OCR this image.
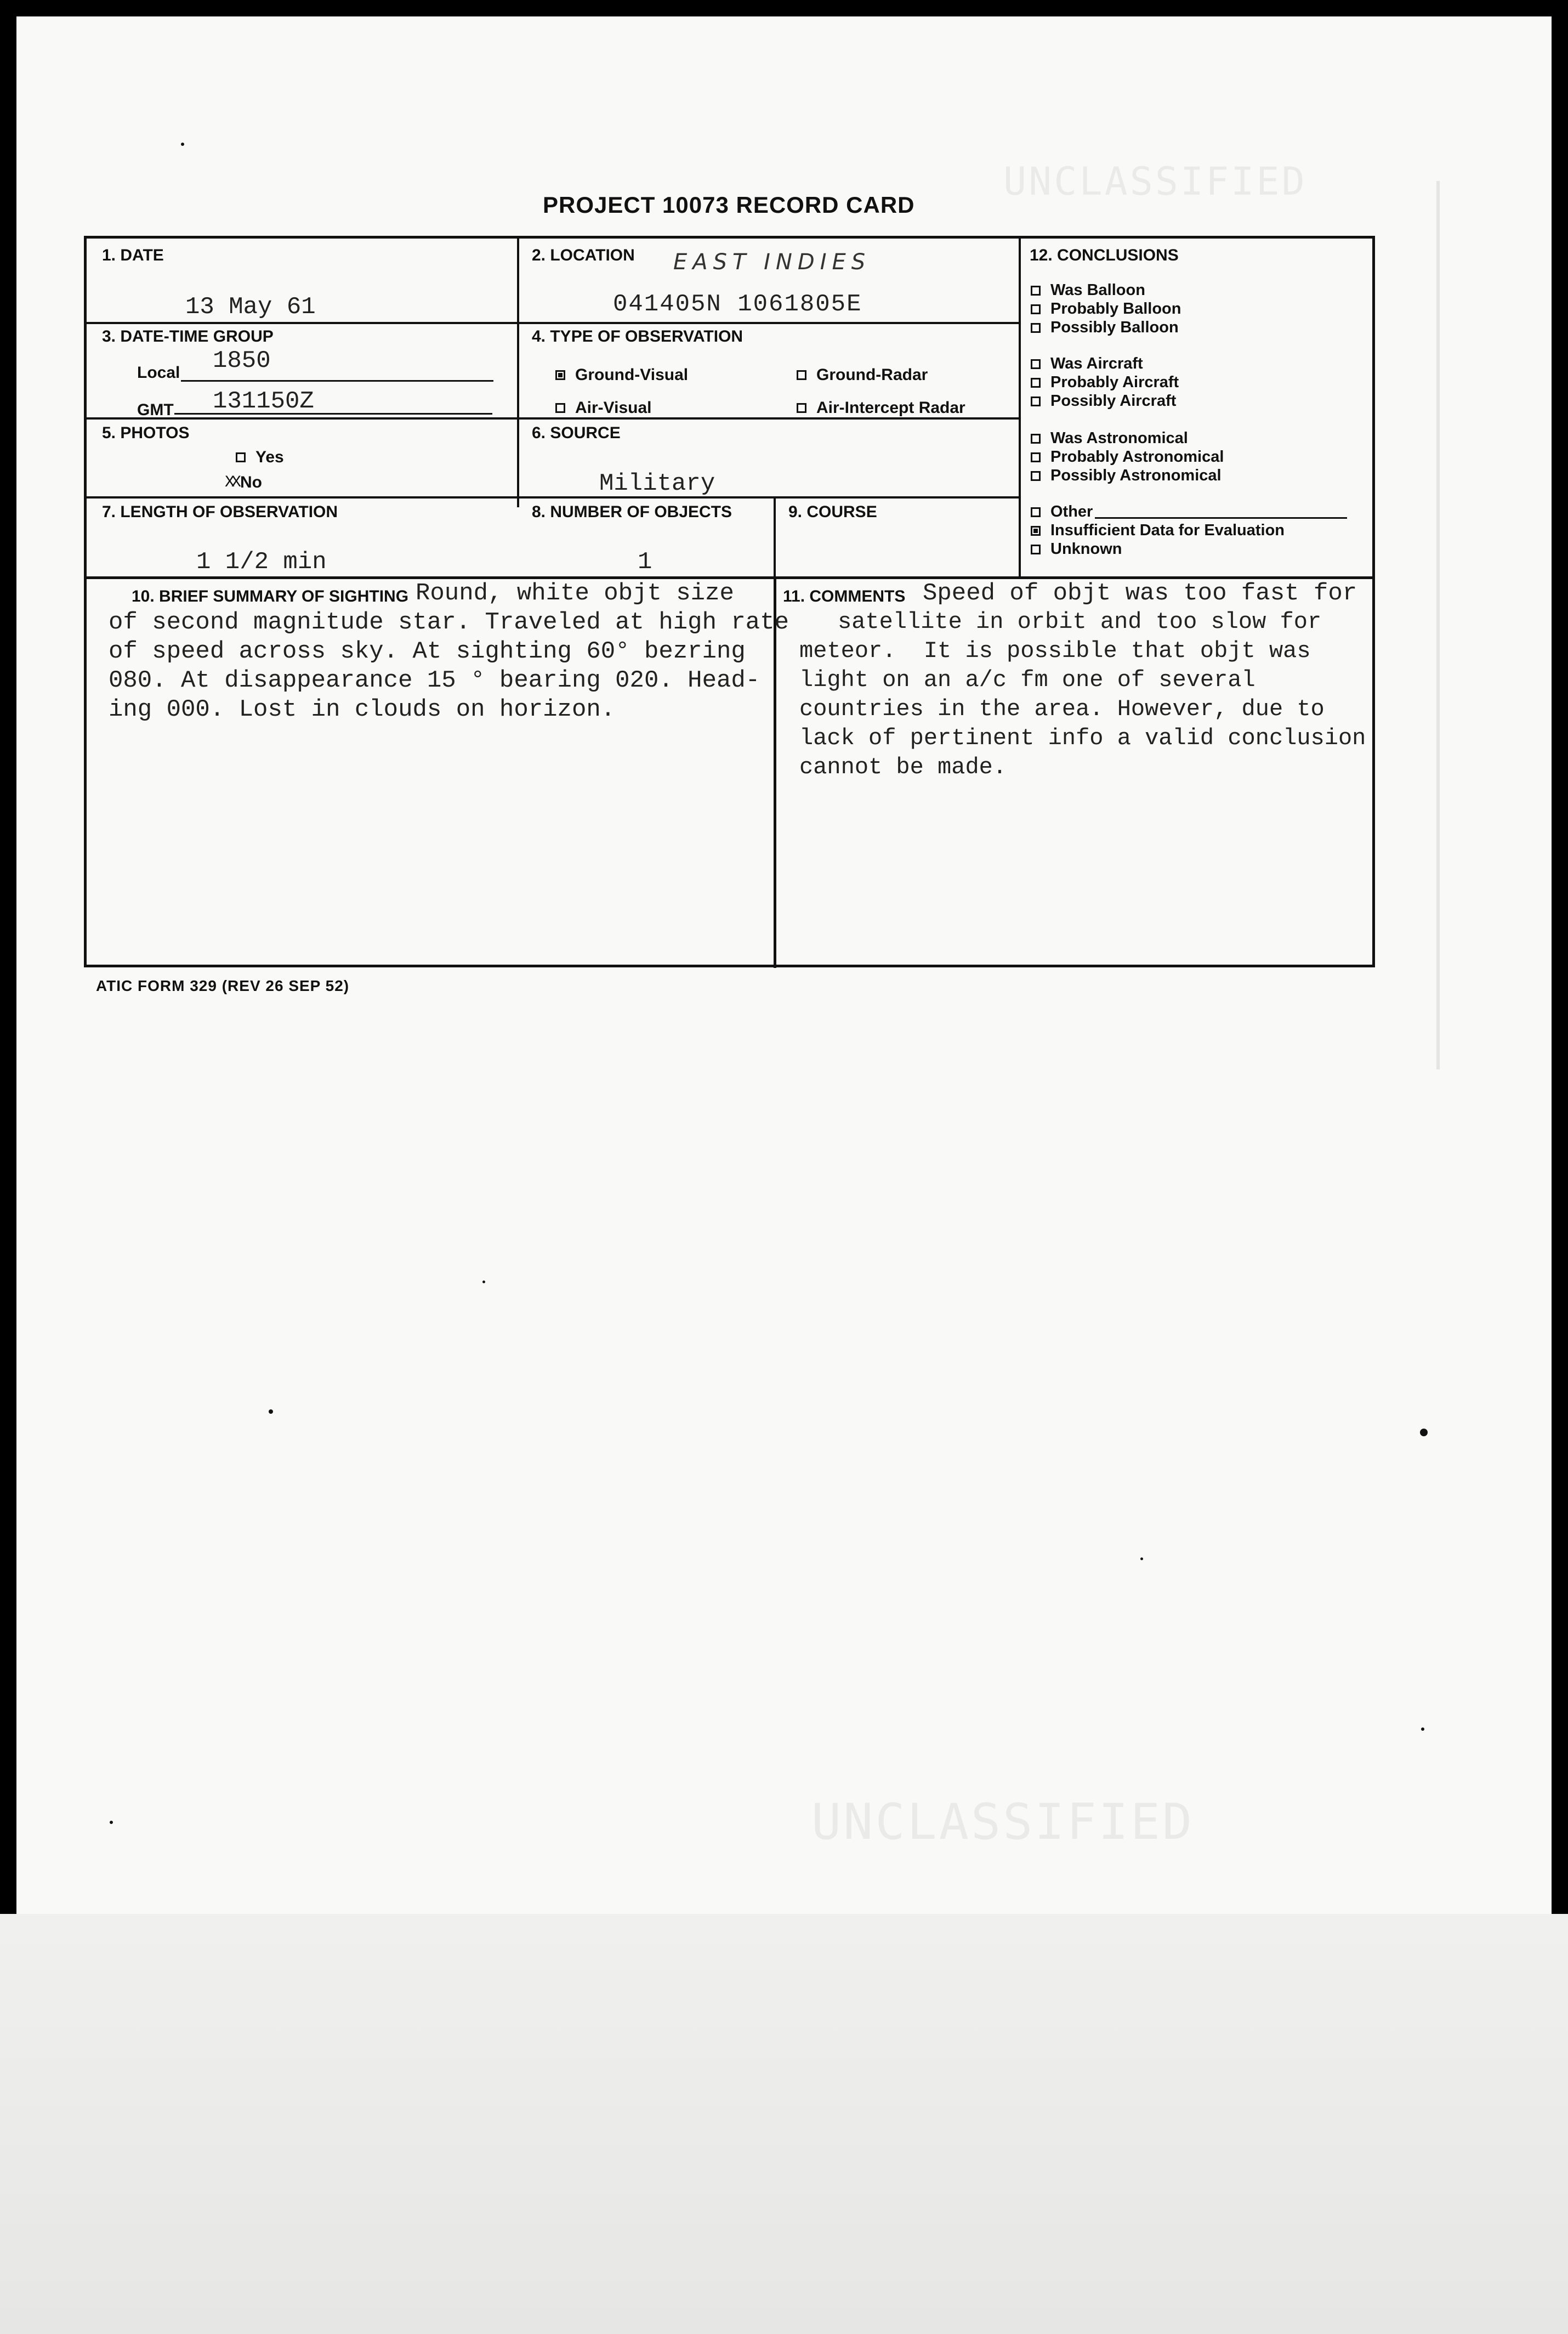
UNCLASSIFIED
UNCLASSIFIED
PROJECT 10073 RECORD CARD
1. DATE
13 May 61
2. LOCATION EAST INDIES
041405N 1061805E
3. DATE-TIME GROUP
Local 1850
GMT 131150Z
4. TYPE OF OBSERVATION
Ground-Visual	Ground-Radar
Air-Visual	Air-Intercept Radar
5. PHOTOS
Yes
XX No
6. SOURCE
Military
7. LENGTH OF OBSERVATION
1 1/2 min
8. NUMBER OF OBJECTS
1
9. COURSE
12. CONCLUSIONS
Was Balloon
Probably Balloon
Possibly Balloon
Was Aircraft
Probably Aircraft
Possibly Aircraft
Was Astronomical
Probably Astronomical
Possibly Astronomical
Other
Insufficient Data for Evaluation
Unknown
10. BRIEF SUMMARY OF SIGHTING Round, white objt size
of second magnitude star. Traveled at high rate
of speed across sky. At sighting 60° bezring
080. At disappearance 15 ° bearing 020. Head-
ing 000. Lost in clouds on horizon.
11. COMMENTS Speed of objt was too fast for
satellite in orbit and too slow for
meteor.  It is possible that objt was
light on an a/c fm one of several
countries in the area. However, due to
lack of pertinent info a valid conclusion
cannot be made.
ATIC FORM 329 (REV 26 SEP 52)
